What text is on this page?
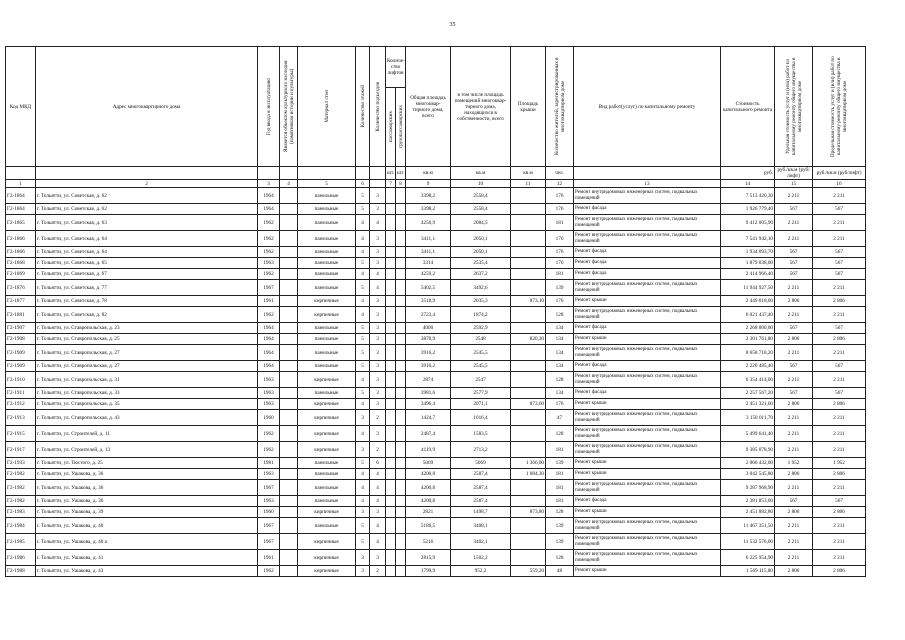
35
Код МКД	Адрес многоквартирного дома	Год ввода в эксплуатацию	Является объектом культурного наследия (памятником истории и культуры)	Материал стен	Количество этажей	Количество подъездов	Количе-ство лифтов		Общая площадь многоквар-тирного дома, всего	в том числе площадь помещений многоквар-тирного дома, находящихся в собственности, всего	Площадь крыши	Количество жителей, зарегистрированных в многоквартирном доме	Вид работ(услуг) по капитальному ремонту	Стоимость капитального ремонта	Удельная стоимость услуг и (или) работ по капитальному ремонту общего имущества в многоквартирном доме	Предельная стоимость услуг и (или) работ по капитальному ремонту общего имущества в многоквартирном доме

							пассажирских	грузопассажирских								

							шт.	шт.	кв.м	кв.м	кв.м	чел.		руб.	руб./кв.м (руб/лифт)	руб./кв.м (руб/лифт)
1	2	3	4	5	6		7	8	9	10	11	12	13	14	15	16
Г2-1864	г. Тольятти, ул. Советская, д. 62	1964		панельные	5	3			3398,2	2558,4		176	Ремонт внутридомовых инженерных систем, подвальных помещений	7 513 420,30	2 211	2 211
Г2-1864	г. Тольятти, ул. Советская, д. 62	1964		панельные	5	3			3398,2	2558,4		176	Ремонт фасада	1 926 779,40	567	567
Г2-1865	г. Тольятти, ул. Советская, д. 63	1962		панельные	4	4			4256,9	2084,5		181	Ремонт внутридомовых инженерных систем, подвальных помещений	9 412 005,90	2 211	2 211
Г2-1866	г. Тольятти, ул. Советская, д. 64	1962		панельные	4	3			3411,1	2050,1		176	Ремонт внутридомовых инженерных систем, подвальных помещений	7 541 942,10	2 211	2 211
Г2-1866	г. Тольятти, ул. Советская, д. 64	1962		панельные	4	3			3411,1	2050,1		176	Ремонт фасада	1 934 093,70	567	567
Г2-1868	г. Тольятти, ул. Советская, д. 65	1963		панельные	5	3			3314	2535,4		176	Ремонт фасада	1 879 038,00	567	567
Г2-1869	г. Тольятти, ул. Советская, д. 67	1962		панельные	4	4			4259,2	2637,2		181	Ремонт фасада	2 414 966,40	567	567
Г2-1876	г. Тольятти, ул. Советская, д. 77	1967		панельные	5	4			5402,5	3492,6		139	Ремонт внутридомовых инженерных систем, подвальных помещений	11 944 927,50	2 211	2 211
Г2-1877	г. Тольятти, ул. Советская, д. 78	1961		кирпичные	4	3			3518,9	2035,3	873,10	176	Ремонт крыши	2 449 018,60	2 806	2 806
Г2-1881	г. Тольятти, ул. Советская, д. 82	1962		кирпичные	4	3			2723,4	1874,2		128	Ремонт внутридомовых инженерных систем, подвальных помещений	6 021 437,40	2 211	2 211
Г2-1907	г. Тольятти, ул. Ставропольская, д. 23	1964		панельные	5	3			4000	2592,9		134	Ремонт фасада	2 268 000,00	567	567
Г2-1908	г. Тольятти, ул. Ставропольская, д. 25	1964		панельные	5	3			3870,9	2548	820,30	134	Ремонт крыши	2 301 761,80	2 806	2 806
Г2-1909	г. Тольятти, ул. Ставропольская, д. 27	1964		панельные	5	3			3916,2	2545,5		134	Ремонт внутридомовых инженерных систем, подвальных помещений	8 658 718,20	2 211	2 211
Г2-1909	г. Тольятти, ул. Ставропольская, д. 27	1964		панельные	5	3			3916,2	2545,5		134	Ремонт фасада	2 220 485,40	567	567
Г2-1910	г. Тольятти, ул. Ставропольская, д. 31	1963		кирпичные	4	3			2874	2547		128	Ремонт внутридомовых инженерных систем, подвальных помещений	6 354 414,00	2 211	2 211
Г2-1911	г. Тольятти, ул. Ставропольская, д. 33	1963		панельные	5	3			3981,6	2577,9		134	Ремонт фасада	2 257 567,20	567	567
Г2-1912	г. Тольятти, ул. Ставропольская, д. 35	1963		кирпичные	4	3			3496,4	2071,1	873,60	176	Ремонт крыши	2 451 321,60	2 806	2 806
Г2-1913	г. Тольятти, ул. Ставропольская, д. 43	1960		кирпичные	3	2			1424,7	1016,4		47	Ремонт внутридомовых инженерных систем, подвальных помещений	3 150 011,70	2 211	2 211
Г2-1915	г. Тольятти, ул. Строителей, д. 11	1962		кирпичные	4	3			2487,4	1583,5		128	Ремонт внутридомовых инженерных систем, подвальных помещений	5 499 641,40	2 211	2 211
Г2-1917	г. Тольятти, ул. Строителей, д. 13	1962		кирпичные	3	2			4119,9	2713,2		181	Ремонт внутридомовых инженерных систем, подвальных помещений	9 385 078,90	2 211	2 211
Г2-1933	г. Тольятти, ул. Тюстого, д. 25	1981		панельные	5	6			5069	5069	1 366,00	139	Ремонт крыши	2 066 432,00	1 952	1 952
Г2-1982	г. Тольятти, ул. Ушакова, д. 36	1963		панельные	4	4			4200,8	2587,4	1 084,30	181	Ремонт крыши	3 042 545,80	2 806	2 806
Г2-1982	г. Тольятти, ул. Ушакова, д. 36	1967		панельные	4	4			4200,8	2587,4		181	Ремонт внутридомовых инженерных систем, подвальных помещений	9 287 968,90	2 211	2 211
Г2-1982	г. Тольятти, ул. Ушакова, д. 36	1963		панельные	4	4			4200,8	2587,4		181	Ремонт фасада	2 381 853,60	567	567
Г2-1983	г. Тольятти, ул. Ушакова, д. 39	1960		кирпичные	3	3			2821	1498,7	873,80	128	Ремонт крыши	2 451 882,80	2 806	2 806
Г2-1984	г. Тольятти, ул. Ушакова, д. 40	1967		панельные	5	4			5186,5	3408,1		139	Ремонт внутридомовых инженерных систем, подвальных помещений	11 467 351,50	2 211	2 211
Г2-1985	г. Тольятти, ул. Ушакова, д. 40 а	1967		кирпичные	5	4			5216	3402,1		139	Ремонт внутридомовых инженерных систем, подвальных помещений	11 532 576,00	2 211	2 211
Г2-1986	г. Тольятти, ул. Ушакова, д. 41	1961		кирпичные	3	3			2815,9	1502,2		128	Ремонт внутридомовых инженерных систем, подвальных помещений	6 225 954,90	2 211	2 211
Г2-1988	г. Тольятти, ул. Ушакова, д. 43	1962		кирпичные	3	2			1799,9	952,2	559,20	48	Ремонт крыши	1 569 115,80	2 806	2 806
